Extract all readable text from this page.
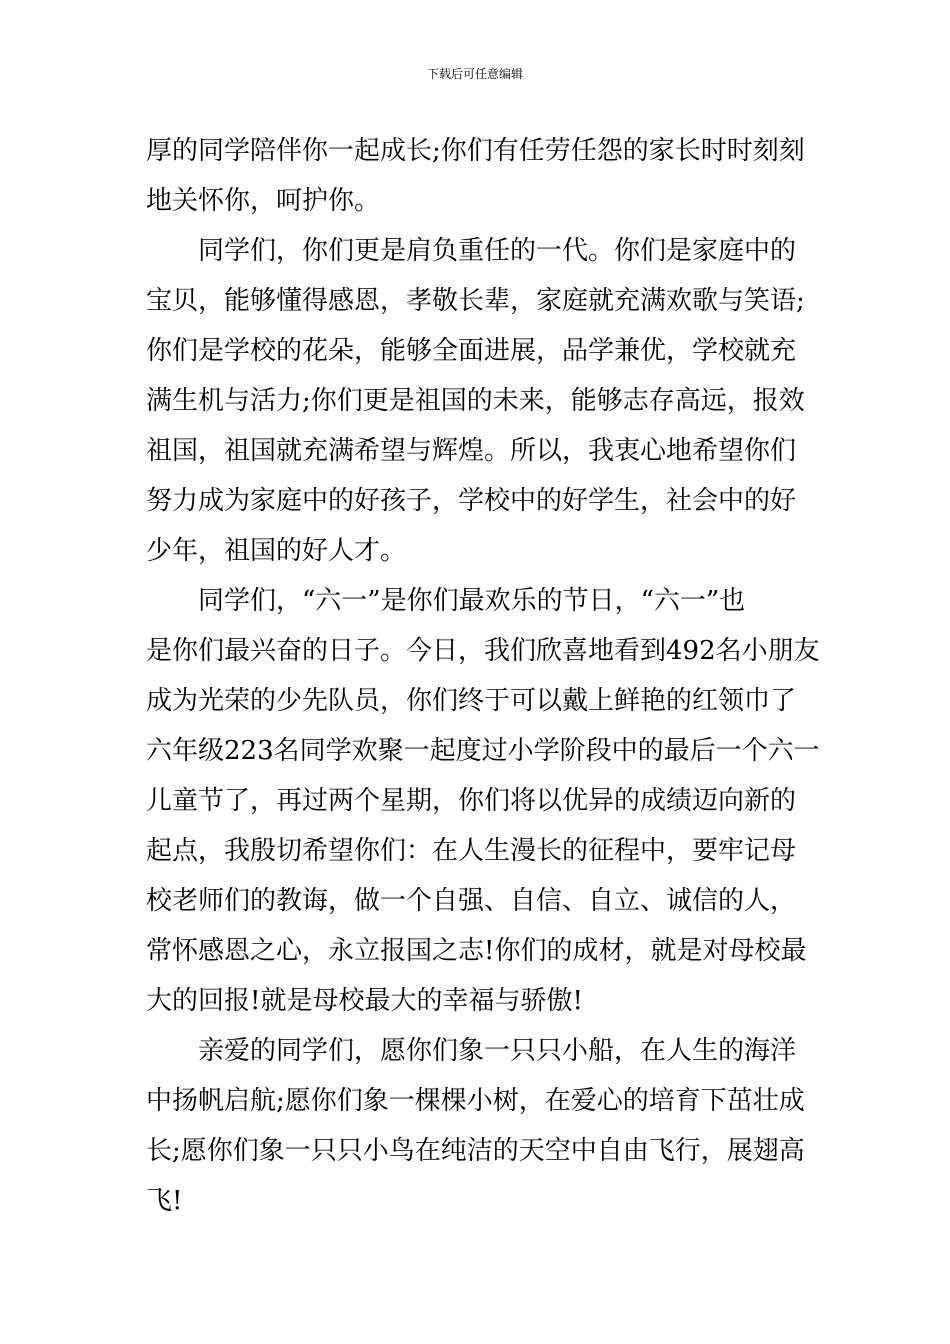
下载后可任意编辑
厚的同学陪伴你一起成长;你们有任劳任怨的家长时时刻刻
地关怀你，呵护你。
　　同学们，你们更是肩负重任的一代。你们是家庭中的
宝贝，能够懂得感恩，孝敬长辈，家庭就充满欢歌与笑语;
你们是学校的花朵，能够全面进展，品学兼优，学校就充
满生机与活力;你们更是祖国的未来，能够志存高远，报效
祖国，祖国就充满希望与辉煌。所以，我衷心地希望你们
努力成为家庭中的好孩子，学校中的好学生，社会中的好
少年，祖国的好人才。
　　同学们，“六一”是你们最欢乐的节日，“六一”也
是你们最兴奋的日子。今日，我们欣喜地看到492名小朋友
成为光荣的少先队员，你们终于可以戴上鲜艳的红领巾了
六年级223名同学欢聚一起度过小学阶段中的最后一个六一
儿童节了，再过两个星期，你们将以优异的成绩迈向新的
起点，我殷切希望你们：在人生漫长的征程中，要牢记母
校老师们的教诲，做一个自强、自信、自立、诚信的人，
常怀感恩之心，永立报国之志!你们的成材，就是对母校最
大的回报!就是母校最大的幸福与骄傲!
　　亲爱的同学们，愿你们象一只只小船，在人生的海洋
中扬帆启航;愿你们象一棵棵小树，在爱心的培育下茁壮成
长;愿你们象一只只小鸟在纯洁的天空中自由飞行，展翅高
飞!
